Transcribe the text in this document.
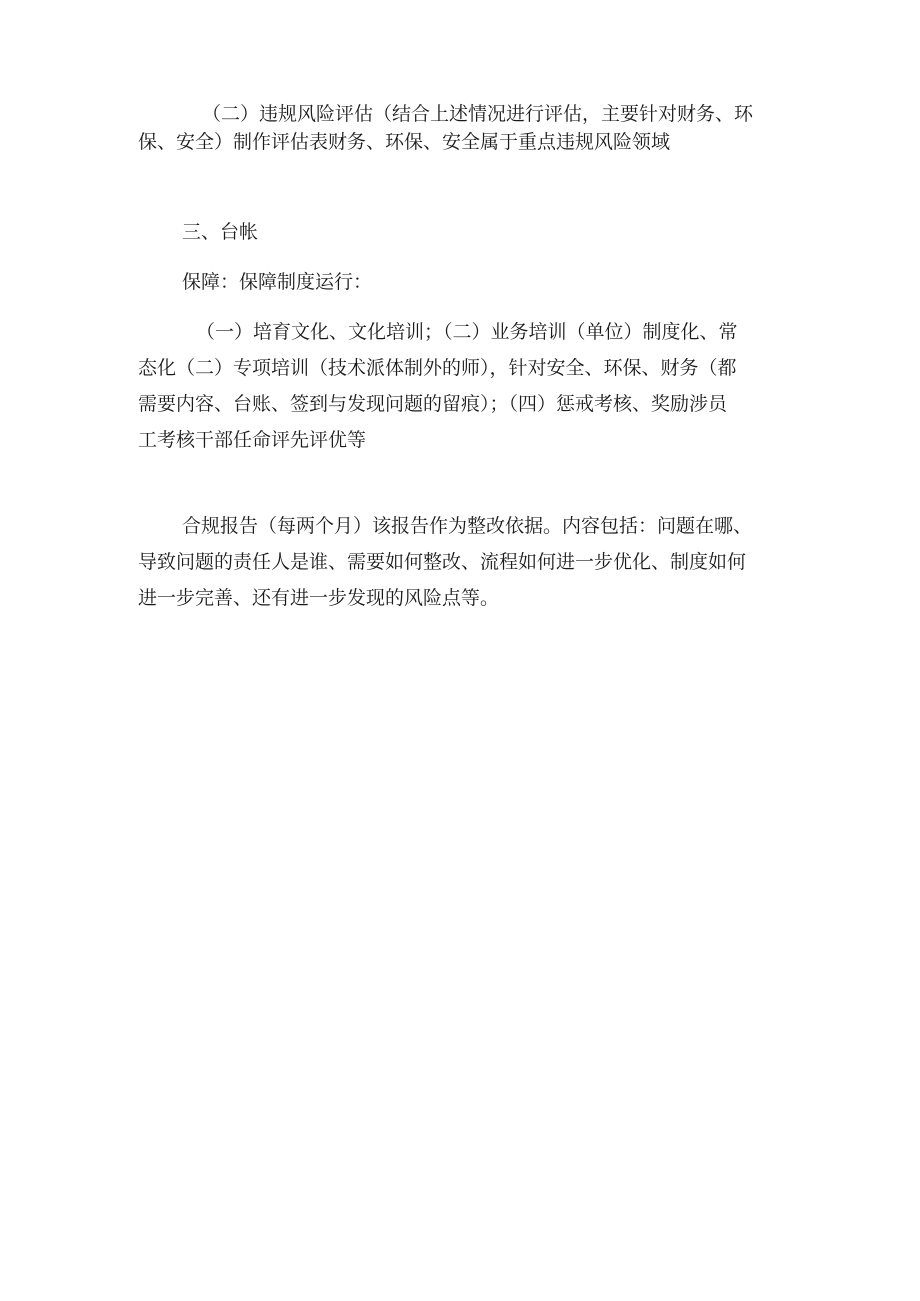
（二）违规风险评估（结合上述情况进行评估，主要针对财务、环
保、安全）制作评估表财务、环保、安全属于重点违规风险领域
三、台帐
保障：保障制度运行：
（一）培育文化、文化培训；（二）业务培训（单位）制度化、常
态化（二）专项培训（技术派体制外的师），针对安全、环保、财务（都
需要内容、台账、签到与发现问题的留痕）；（四）惩戒考核、奖励涉员
工考核干部任命评先评优等
合规报告（每两个月）该报告作为整改依据。内容包括：问题在哪、
导致问题的责任人是谁、需要如何整改、流程如何进一步优化、制度如何
进一步完善、还有进一步发现的风险点等。
